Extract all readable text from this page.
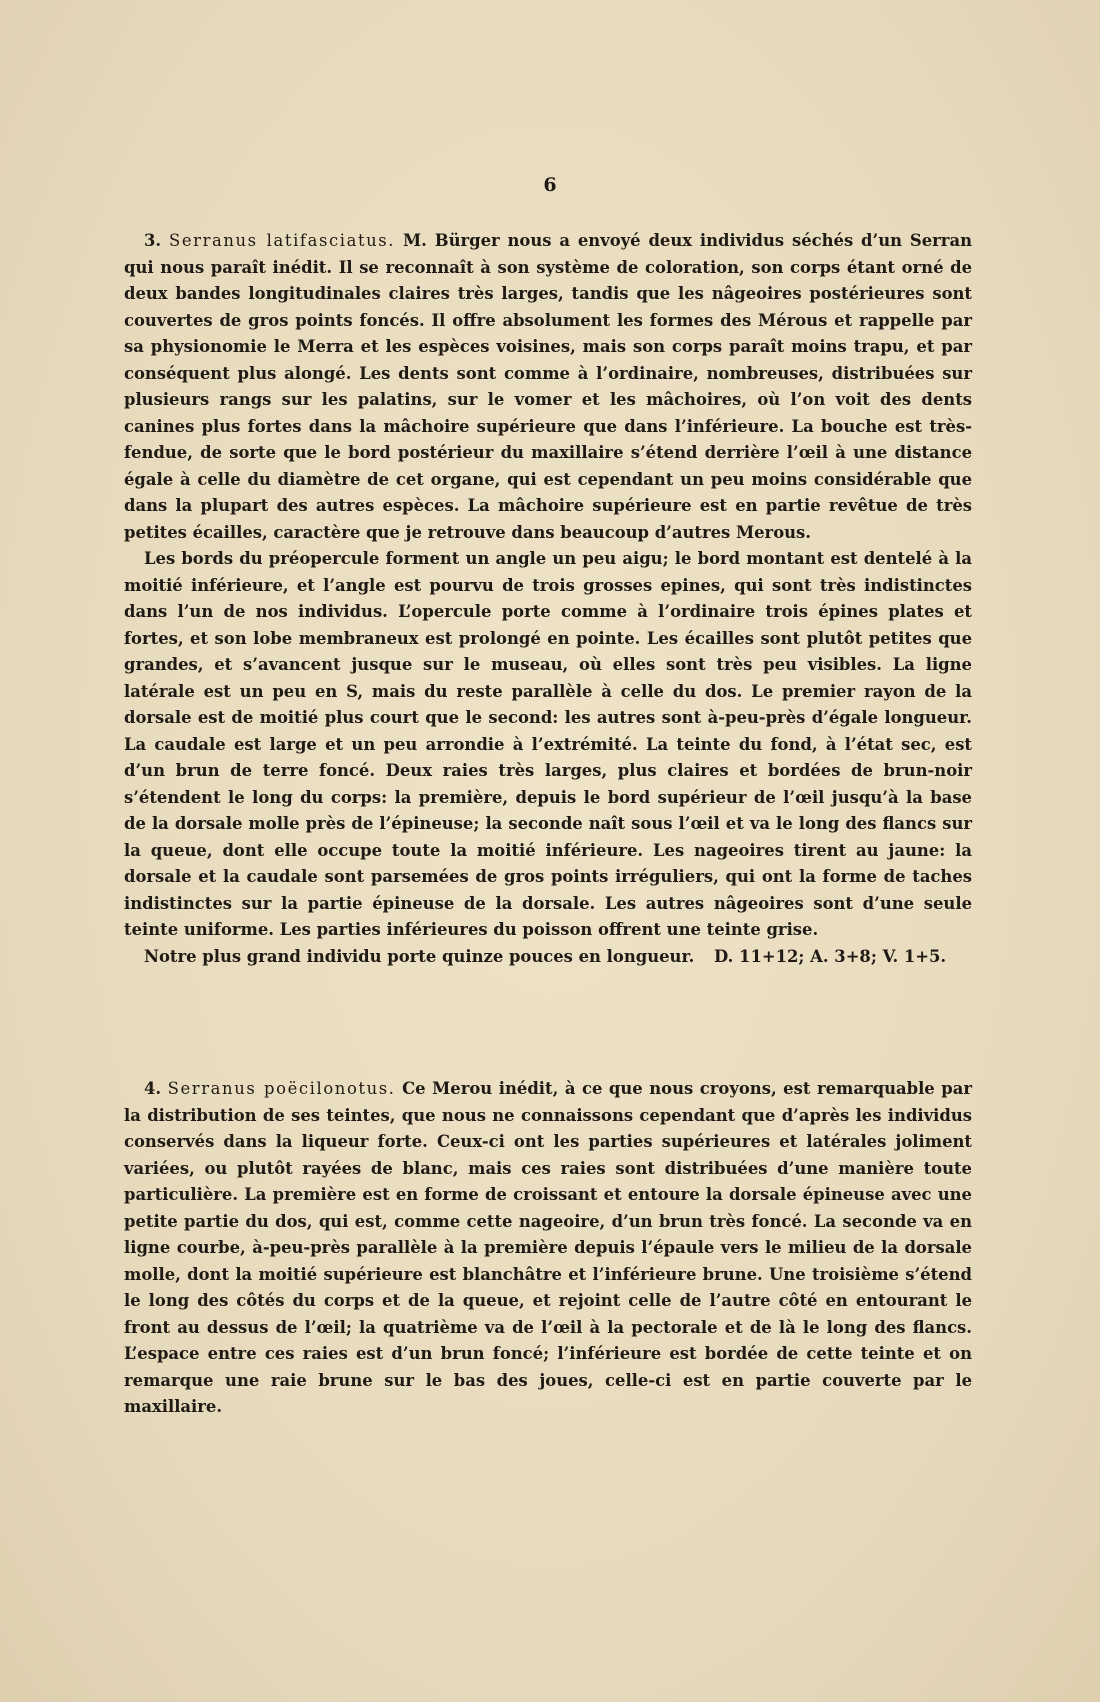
6

3. Serranus latifasciatus. M. Bürger nous a envoyé deux individus séchés d’un Serran qui nous paraît inédit. Il se reconnaît à son système de coloration, son corps étant orné de deux bandes longitudinales claires très larges, tandis que les nâgeoires postérieures sont couvertes de gros points foncés. Il offre absolument les formes des Mérous et rappelle par sa physionomie le Merra et les espèces voisines, mais son corps paraît moins trapu, et par conséquent plus alongé. Les dents sont comme à l’ordinaire, nombreuses, distribuées sur plusieurs rangs sur les palatins, sur le vomer et les mâchoires, où l’on voit des dents canines plus fortes dans la mâchoire supérieure que dans l’inférieure. La bouche est très-fendue, de sorte que le bord postérieur du maxillaire s’étend derrière l’œil à une distance égale à celle du diamètre de cet organe, qui est cependant un peu moins considérable que dans la plupart des autres espèces. La mâchoire supérieure est en partie revêtue de très petites écailles, caractère que je retrouve dans beaucoup d’autres Merous.

Les bords du préopercule forment un angle un peu aigu; le bord montant est dentelé à la moitié inférieure, et l’angle est pourvu de trois grosses epines, qui sont très indistinctes dans l’un de nos individus. L’opercule porte comme à l’ordinaire trois épines plates et fortes, et son lobe membraneux est prolongé en pointe. Les écailles sont plutôt petites que grandes, et s’avancent jusque sur le museau, où elles sont très peu visibles. La ligne latérale est un peu en S, mais du reste parallèle à celle du dos. Le premier rayon de la dorsale est de moitié plus court que le second: les autres sont à-peu-près d’égale longueur. La caudale est large et un peu arrondie à l’extrémité. La teinte du fond, à l’état sec, est d’un brun de terre foncé. Deux raies très larges, plus claires et bordées de brun-noir s’étendent le long du corps: la première, depuis le bord supérieur de l’œil jusqu’à la base de la dorsale molle près de l’épineuse; la seconde naît sous l’œil et va le long des flancs sur la queue, dont elle occupe toute la moitié inférieure. Les nageoires tirent au jaune: la dorsale et la caudale sont parsemées de gros points irréguliers, qui ont la forme de taches indistinctes sur la partie épineuse de la dorsale. Les autres nâgeoires sont d’une seule teinte uniforme. Les parties inférieures du poisson offrent une teinte grise.

Notre plus grand individu porte quinze pouces en longueur. D. 11+12; A. 3+8; V. 1+5.

4. Serranus poëcilonotus. Ce Merou inédit, à ce que nous croyons, est remarquable par la distribution de ses teintes, que nous ne connaissons cependant que d’après les individus conservés dans la liqueur forte. Ceux-ci ont les parties supérieures et latérales joliment variées, ou plutôt rayées de blanc, mais ces raies sont distribuées d’une manière toute particulière. La première est en forme de croissant et entoure la dorsale épineuse avec une petite partie du dos, qui est, comme cette nageoire, d’un brun très foncé. La seconde va en ligne courbe, à-peu-près parallèle à la première depuis l’épaule vers le milieu de la dorsale molle, dont la moitié supérieure est blanchâtre et l’inférieure brune. Une troisième s’étend le long des côtés du corps et de la queue, et rejoint celle de l’autre côté en entourant le front au dessus de l’œil; la quatrième va de l’œil à la pectorale et de là le long des flancs. L’espace entre ces raies est d’un brun foncé; l’inférieure est bordée de cette teinte et on remarque une raie brune sur le bas des joues, celle-ci est en partie couverte par le maxillaire.
